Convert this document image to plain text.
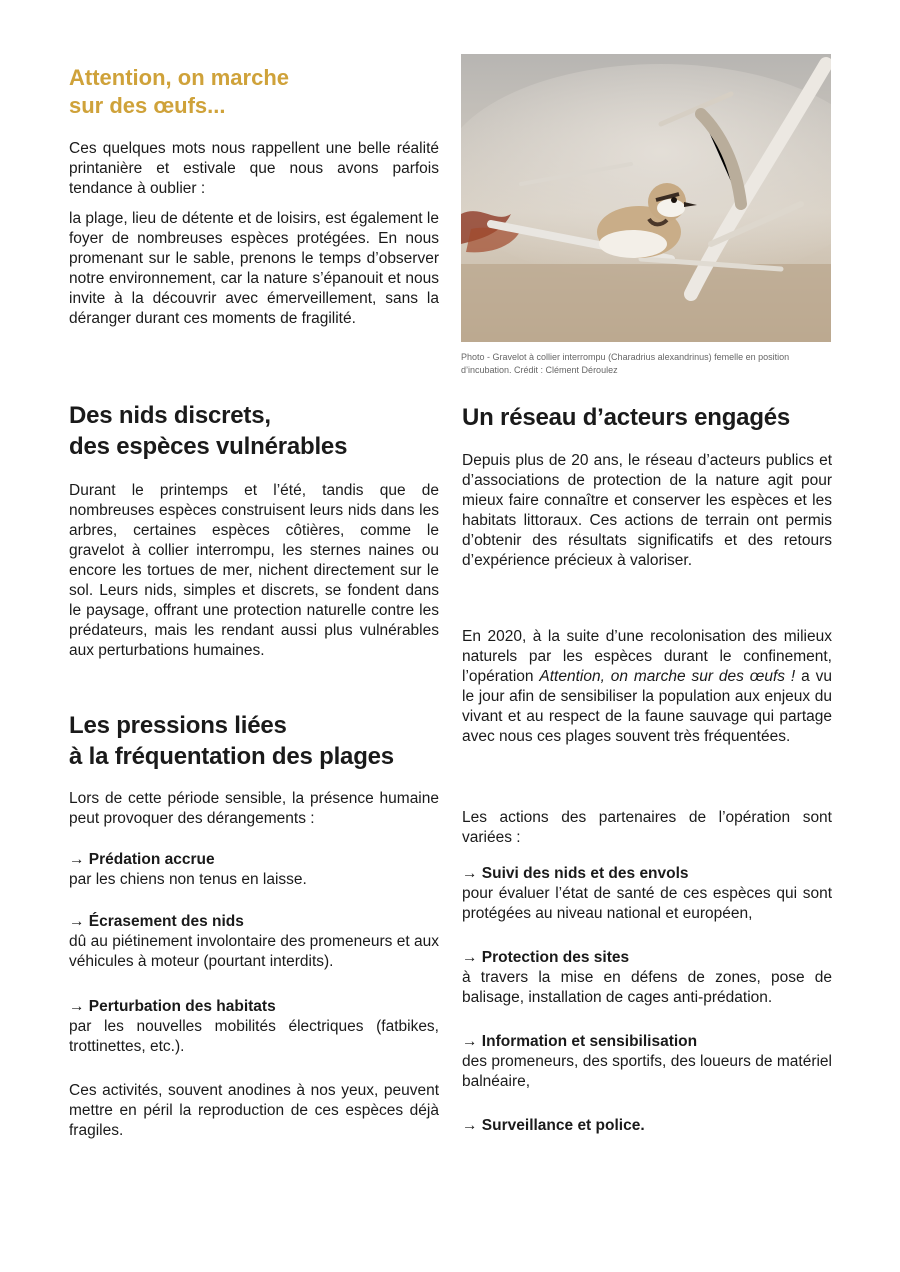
Attention, on marche
sur des œufs...

Ces quelques mots nous rappellent une belle réalité printanière et estivale que nous avons parfois tendance à oublier :

la plage, lieu de détente et de loisirs, est également le foyer de nombreuses espèces protégées. En nous promenant sur le sable, prenons le temps d’observer notre environnement, car la nature s’épanouit et nous invite à la découvrir avec émerveillement, sans la déranger durant ces moments de fragilité.

Photo - Gravelot à collier interrompu (Charadrius alexandrinus) femelle en position

d’incubation. Crédit : Clément Déroulez

Des nids discrets,
des espèces vulnérables

Durant le printemps et l’été, tandis que de nombreuses espèces construisent leurs nids dans les arbres, certaines espèces côtières, comme le gravelot à collier interrompu, les sternes naines ou encore les tortues de mer, nichent directement sur le sol. Leurs nids, simples et discrets, se fondent dans le paysage, offrant une protection naturelle contre les prédateurs, mais les rendant aussi plus vulnérables aux perturbations humaines.

Les pressions liées
à la fréquentation des plages

Lors de cette période sensible, la présence humaine peut provoquer des dérangements :

→ Prédation accrue

par les chiens non tenus en laisse.

→ Écrasement des nids

dû au piétinement involontaire des promeneurs et aux véhicules à moteur (pourtant interdits).

→ Perturbation des habitats

par les nouvelles mobilités électriques (fatbikes, trottinettes, etc.).

Ces activités, souvent anodines à nos yeux, peuvent mettre en péril la reproduction de ces espèces déjà fragiles.

Un réseau d’acteurs engagés

Depuis plus de 20 ans, le réseau d’acteurs publics et d’associations de protection de la nature agit pour mieux faire connaître et conserver les espèces et les habitats littoraux. Ces actions de terrain ont permis d’obtenir des résultats significatifs et des retours d’expérience précieux à valoriser.

En 2020, à la suite d’une recolonisation des milieux naturels par les espèces durant le confinement, l’opération Attention, on marche sur des œufs ! a vu le jour afin de sensibiliser la population aux enjeux du vivant et au respect de la faune sauvage qui partage avec nous ces plages souvent très fréquentées.

Les actions des partenaires de l’opération sont variées :

→ Suivi des nids et des envols

pour évaluer l’état de santé de ces espèces qui sont protégées au niveau national et européen,

→ Protection des sites

à travers la mise en défens de zones, pose de balisage, installation de cages anti-prédation.

→ Information et sensibilisation

des promeneurs, des sportifs, des loueurs de matériel balnéaire,

→ Surveillance et police.
